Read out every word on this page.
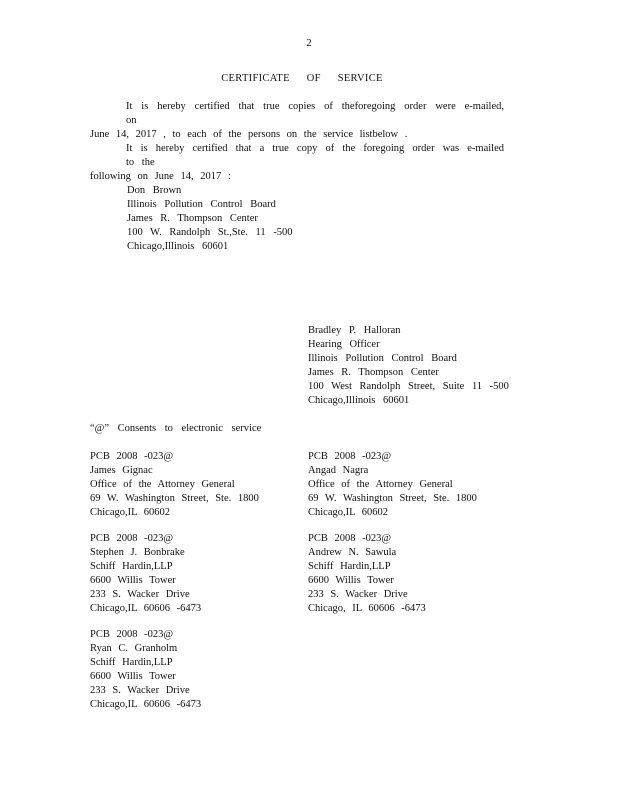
2
CERTIFICATE OF SERVICE
It is hereby certified that true copies of theforegoing order were e-mailed, on
June 14, 2017 , to each of the persons on the service listbelow .
It is hereby certified that a true copy of the foregoing order was e-mailed to the
following on June 14, 2017 :
Don Brown
Illinois Pollution Control Board
James R. Thompson Center
100 W. Randolph St.,Ste. 11 -500
Chicago,Illinois 60601
Bradley P. Halloran
Hearing Officer
Illinois Pollution Control Board
James R. Thompson Center
100 West Randolph Street, Suite 11 -500
Chicago,Illinois 60601
“@” Consents to electronic service
PCB 2008 -023@
James Gignac
Office of the Attorney General
69 W. Washington Street, Ste. 1800
Chicago,IL 60602
PCB 2008 -023@
Angad Nagra
Office of the Attorney General
69 W. Washington Street, Ste. 1800
Chicago,IL 60602
PCB 2008 -023@
Stephen J. Bonbrake
Schiff Hardin,LLP
6600 Willis Tower
233 S. Wacker Drive
Chicago,IL 60606 -6473
PCB 2008 -023@
Andrew N. Sawula
Schiff Hardin,LLP
6600 Willis Tower
233 S. Wacker Drive
Chicago, IL 60606 -6473
PCB 2008 -023@
Ryan C. Granholm
Schiff Hardin,LLP
6600 Willis Tower
233 S. Wacker Drive
Chicago,IL 60606 -6473
